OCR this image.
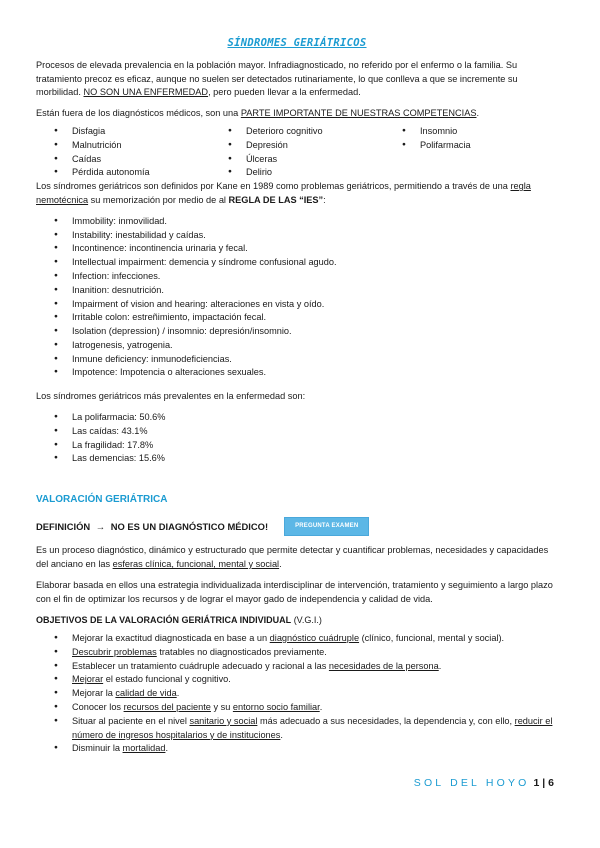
SÍNDROMES GERIÁTRICOS

Procesos de elevada prevalencia en la población mayor. Infradiagnosticado, no referido por el enfermo o la familia. Su tratamiento precoz es eficaz, aunque no suelen ser detectados rutinariamente, lo que conlleva a que se incremente su morbilidad. NO SON UNA ENFERMEDAD, pero pueden llevar a la enfermedad.

Están fuera de los diagnósticos médicos, son una PARTE IMPORTANTE DE NUESTRAS COMPETENCIAS.

● Disfagia
● Malnutrición
● Caídas
● Pérdida autonomía
● Deterioro cognitivo
● Depresión
● Úlceras
● Delirio
● Insomnio
● Polifarmacia

Los síndromes geriátricos son definidos por Kane en 1989 como problemas geriátricos, permitiendo a través de una regla nemotécnica su memorización por medio de al REGLA DE LAS “IES”:

● Immobility: inmovilidad.
● Instability: inestabilidad y caídas.
● Incontinence: incontinencia urinaria y fecal.
● Intellectual impairment: demencia y síndrome confusional agudo.
● Infection: infecciones.
● Inanition: desnutrición.
● Impairment of vision and hearing: alteraciones en vista y oído.
● Irritable colon: estreñimiento, impactación fecal.
● Isolation (depression) / insomnio: depresión/insomnio.
● Iatrogenesis, yatrogenia.
● Inmune deficiency: inmunodeficiencias.
● Impotence: Impotencia o alteraciones sexuales.

Los síndromes geriátricos más prevalentes en la enfermedad son:

● La polifarmacia: 50.6%
● Las caídas: 43.1%
● La fragilidad: 17.8%
● Las demencias: 15.6%
VALORACIÓN GERIÁTRICA
DEFINICIÓN → NO ES UN DIAGNÓSTICO MÉDICO!	PREGUNTA EXAMEN

Es un proceso diagnóstico, dinámico y estructurado que permite detectar y cuantificar problemas, necesidades y capacidades del anciano en las esferas clínica, funcional, mental y social.

Elaborar basada en ellos una estrategia individualizada interdisciplinar de intervención, tratamiento y seguimiento a largo plazo con el fin de optimizar los recursos y de lograr el mayor gado de independencia y calidad de vida.

OBJETIVOS DE LA VALORACIÓN GERIÁTRICA INDIVIDUAL (V.G.I.)
● Mejorar la exactitud diagnosticada en base a un diagnóstico cuádruple (clínico, funcional, mental y social).
● Descubrir problemas tratables no diagnosticados previamente.
● Establecer un tratamiento cuádruple adecuado y racional a las necesidades de la persona.
● Mejorar el estado funcional y cognitivo.
● Mejorar la calidad de vida.
● Conocer los recursos del paciente y su entorno socio familiar.
● Situar al paciente en el nivel sanitario y social más adecuado a sus necesidades, la dependencia y, con ello, reducir el número de ingresos hospitalarios y de instituciones.
● Disminuir la mortalidad.
SOL DEL HOYO 1 | 6
